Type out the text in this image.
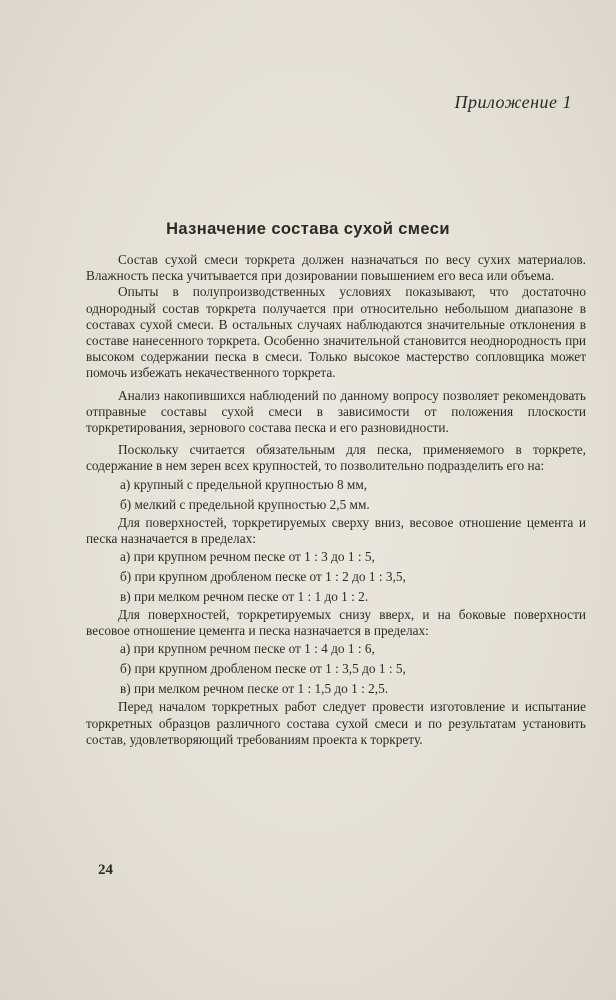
Приложение 1
Назначение состава сухой смеси

Состав сухой смеси торкрета должен назначаться по весу сухих материалов. Влажность песка учитывается при дозировании повышением его веса или объема.

Опыты в полупроизводственных условиях показывают, что достаточно однородный состав торкрета получается при относительно небольшом диапазоне в составах сухой смеси. В остальных случаях наблюдаются значительные отклонения в составе нанесенного торкрета. Особенно значительной становится неоднородность при высоком содержании песка в смеси. Только высокое мастерство сопловщика может помочь избежать некачественного торкрета.

Анализ накопившихся наблюдений по данному вопросу позволяет рекомендовать отправные составы сухой смеси в зависимости от положения плоскости торкретирования, зернового состава песка и его разновидности.

Поскольку считается обязательным для песка, применяемого в торкрете, содержание в нем зерен всех крупностей, то позволительно подразделить его на:

а) крупный с предельной крупностью 8 мм,
б) мелкий с предельной крупностью 2,5 мм.

Для поверхностей, торкретируемых сверху вниз, весовое отношение цемента и песка назначается в пределах:

а) при крупном речном песке от 1 : 3 до 1 : 5,
б) при крупном дробленом песке от 1 : 2 до 1 : 3,5,
в) при мелком речном песке от 1 : 1 до 1 : 2.

Для поверхностей, торкретируемых снизу вверх, и на боковые поверхности весовое отношение цемента и песка назначается в пределах:

а) при крупном речном песке от 1 : 4 до 1 : 6,
б) при крупном дробленом песке от 1 : 3,5 до 1 : 5,
в) при мелком речном песке от 1 : 1,5 до 1 : 2,5.

Перед началом торкретных работ следует провести изготовление и испытание торкретных образцов различного состава сухой смеси и по результатам установить состав, удовлетворяющий требованиям проекта к торкрету.

24
